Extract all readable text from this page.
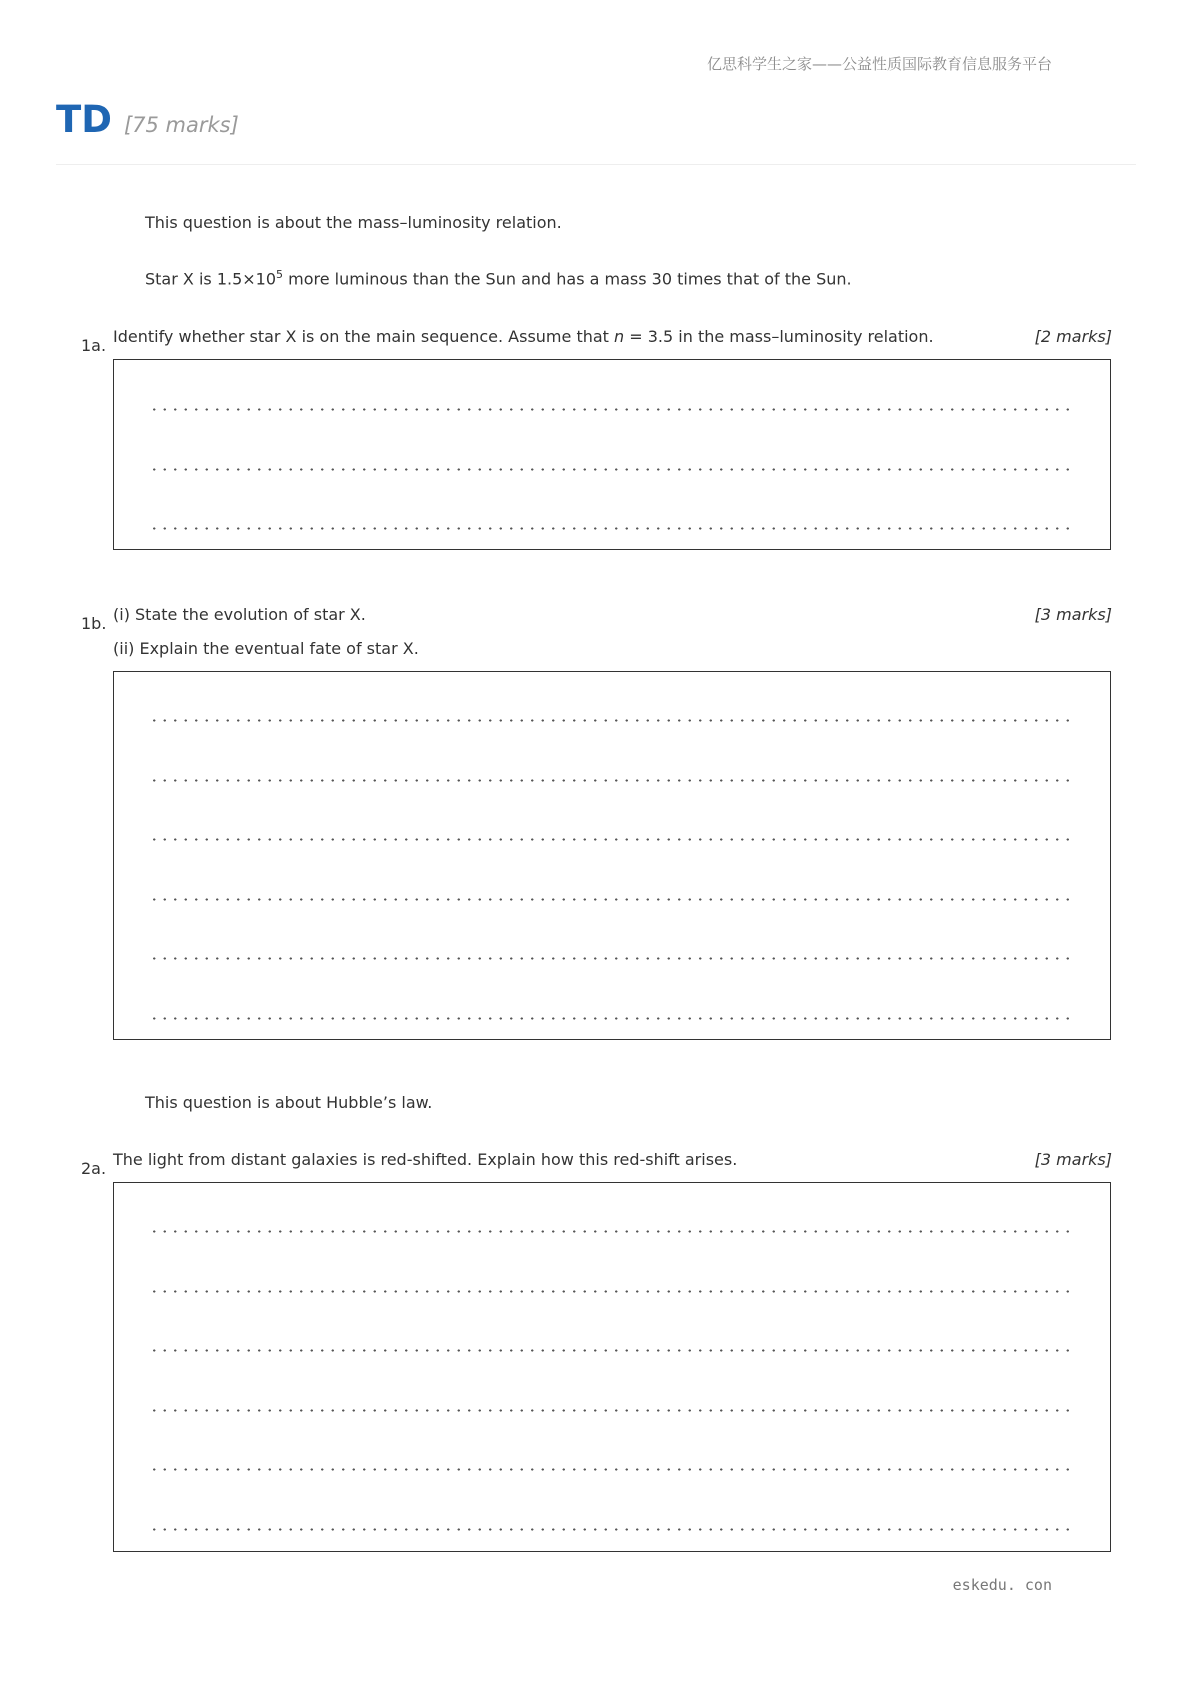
亿思科学生之家——公益性质国际教育信息服务平台
TD [75 marks]
This question is about the mass–luminosity relation.
Star X is $1.5\times 10^5$ more luminous than the Sun and has a mass 30 times that of the Sun.
1a. Identify whether star X is on the main sequence. Assume that n = 3.5 in the mass–luminosity relation.	[2 marks]
1b. (i) State the evolution of star X.
(ii) Explain the eventual fate of star X.
[3 marks]
This question is about Hubble’s law.
2a. The light from distant galaxies is red-shifted. Explain how this red-shift arises.	[3 marks]
eskedu. con
